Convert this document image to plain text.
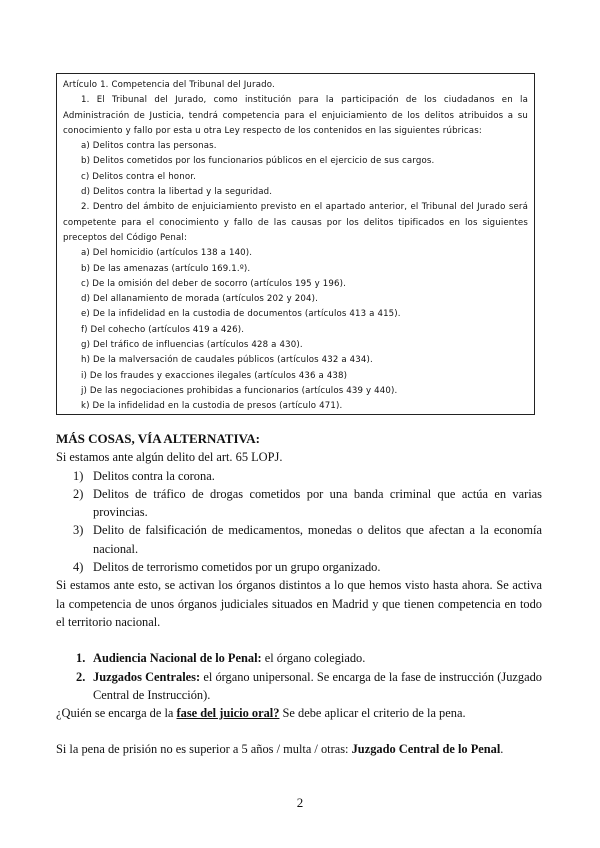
Artículo 1. Competencia del Tribunal del Jurado.

1. El Tribunal del Jurado, como institución para la participación de los ciudadanos en la Administración de Justicia, tendrá competencia para el enjuiciamiento de los delitos atribuidos a su conocimiento y fallo por esta u otra Ley respecto de los contenidos en las siguientes rúbricas:

a) Delitos contra las personas.

b) Delitos cometidos por los funcionarios públicos en el ejercicio de sus cargos.

c) Delitos contra el honor.

d) Delitos contra la libertad y la seguridad.

2. Dentro del ámbito de enjuiciamiento previsto en el apartado anterior, el Tribunal del Jurado será competente para el conocimiento y fallo de las causas por los delitos tipificados en los siguientes preceptos del Código Penal:

a) Del homicidio (artículos 138 a 140).

b) De las amenazas (artículo 169.1.º).

c) De la omisión del deber de socorro (artículos 195 y 196).

d) Del allanamiento de morada (artículos 202 y 204).

e) De la infidelidad en la custodia de documentos (artículos 413 a 415).

f) Del cohecho (artículos 419 a 426).

g) Del tráfico de influencias (artículos 428 a 430).

h) De la malversación de caudales públicos (artículos 432 a 434).

i) De los fraudes y exacciones ilegales (artículos 436 a 438)

j) De las negociaciones prohibidas a funcionarios (artículos 439 y 440).

k) De la infidelidad en la custodia de presos (artículo 471).

MÁS COSAS, VÍA ALTERNATIVA:

Si estamos ante algún delito del art. 65 LOPJ.

1) Delitos contra la corona.
2) Delitos de tráfico de drogas cometidos por una banda criminal que actúa en varias provincias.
3) Delito de falsificación de medicamentos, monedas o delitos que afectan a la economía nacional.
4) Delitos de terrorismo cometidos por un grupo organizado.

Si estamos ante esto, se activan los órganos distintos a lo que hemos visto hasta ahora. Se activa la competencia de unos órganos judiciales situados en Madrid y que tienen competencia en todo el territorio nacional.

1. Audiencia Nacional de lo Penal: el órgano colegiado.
2. Juzgados Centrales: el órgano unipersonal. Se encarga de la fase de instrucción (Juzgado Central de Instrucción).

¿Quién se encarga de la fase del juicio oral? Se debe aplicar el criterio de la pena.

Si la pena de prisión no es superior a 5 años / multa / otras: Juzgado Central de lo Penal.

2
